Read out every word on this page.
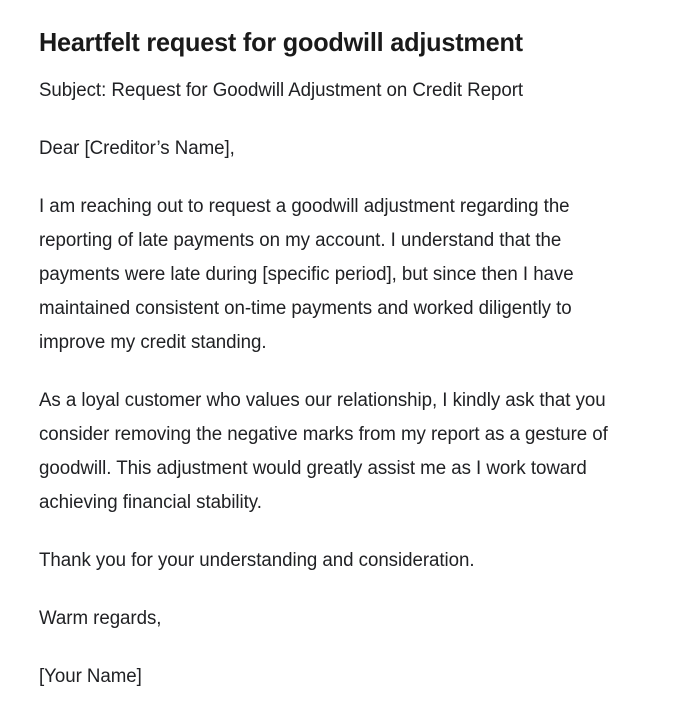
Heartfelt request for goodwill adjustment

Subject: Request for Goodwill Adjustment on Credit Report

Dear [Creditor’s Name],

I am reaching out to request a goodwill adjustment regarding the reporting of late payments on my account. I understand that the payments were late during [specific period], but since then I have maintained consistent on-time payments and worked diligently to improve my credit standing.

As a loyal customer who values our relationship, I kindly ask that you consider removing the negative marks from my report as a gesture of goodwill. This adjustment would greatly assist me as I work toward achieving financial stability.

Thank you for your understanding and consideration.

Warm regards,

[Your Name]
